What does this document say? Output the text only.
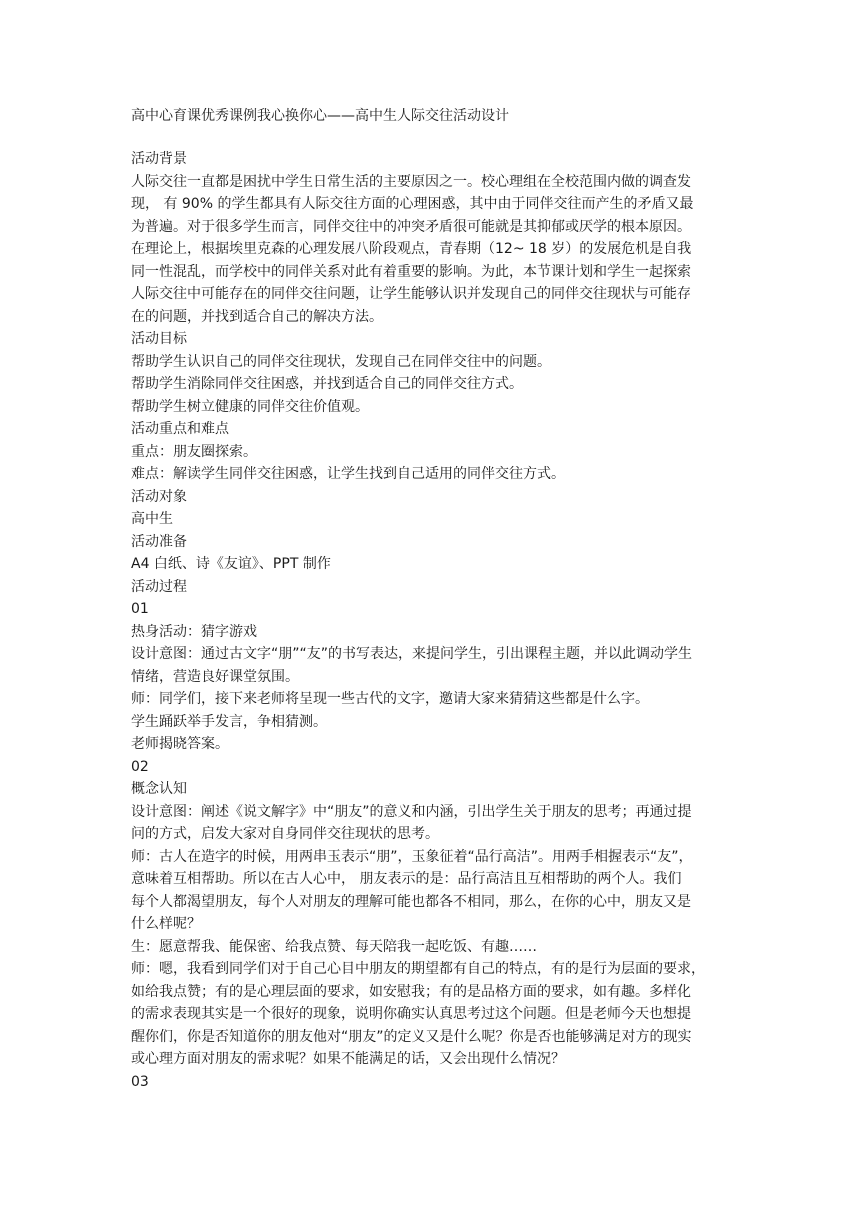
高中心育课优秀课例我心换你心——高中生人际交往活动设计

活动背景

人际交往一直都是困扰中学生日常生活的主要原因之一。校心理组在全校范围内做的调查发

现， 有 90% 的学生都具有人际交往方面的心理困惑，其中由于同伴交往而产生的矛盾又最

为普遍。对于很多学生而言，同伴交往中的冲突矛盾很可能就是其抑郁或厌学的根本原因。

在理论上，根据埃里克森的心理发展八阶段观点，青春期（12~ 18 岁）的发展危机是自我

同一性混乱，而学校中的同伴关系对此有着重要的影响。为此，本节课计划和学生一起探索

人际交往中可能存在的同伴交往问题，让学生能够认识并发现自己的同伴交往现状与可能存

在的问题，并找到适合自己的解决方法。

活动目标

帮助学生认识自己的同伴交往现状，发现自己在同伴交往中的问题。

帮助学生消除同伴交往困惑，并找到适合自己的同伴交往方式。

帮助学生树立健康的同伴交往价值观。

活动重点和难点

重点：朋友圈探索。

难点：解读学生同伴交往困惑，让学生找到自己适用的同伴交往方式。

活动对象

高中生

活动准备

A4 白纸、诗《友谊》、PPT 制作

活动过程

01

热身活动：猜字游戏

设计意图：通过古文字“朋”“友”的书写表达，来提问学生，引出课程主题，并以此调动学生

情绪，营造良好课堂氛围。

师：同学们，接下来老师将呈现一些古代的文字，邀请大家来猜猜这些都是什么字。

学生踊跃举手发言，争相猜测。

老师揭晓答案。

02

概念认知

设计意图：阐述《说文解字》中“朋友”的意义和内涵，引出学生关于朋友的思考；再通过提

问的方式，启发大家对自身同伴交往现状的思考。

师：古人在造字的时候，用两串玉表示“朋”，玉象征着“品行高洁”。用两手相握表示“友”，

意味着互相帮助。所以在古人心中， 朋友表示的是：品行高洁且互相帮助的两个人。我们

每个人都渴望朋友，每个人对朋友的理解可能也都各不相同，那么，在你的心中，朋友又是

什么样呢？

生：愿意帮我、能保密、给我点赞、每天陪我一起吃饭、有趣……

师：嗯，我看到同学们对于自己心目中朋友的期望都有自己的特点，有的是行为层面的要求，

如给我点赞；有的是心理层面的要求，如安慰我；有的是品格方面的要求，如有趣。多样化

的需求表现其实是一个很好的现象，说明你确实认真思考过这个问题。但是老师今天也想提

醒你们，你是否知道你的朋友他对“朋友”的定义又是什么呢？你是否也能够满足对方的现实

或心理方面对朋友的需求呢？如果不能满足的话，又会出现什么情况？

03
